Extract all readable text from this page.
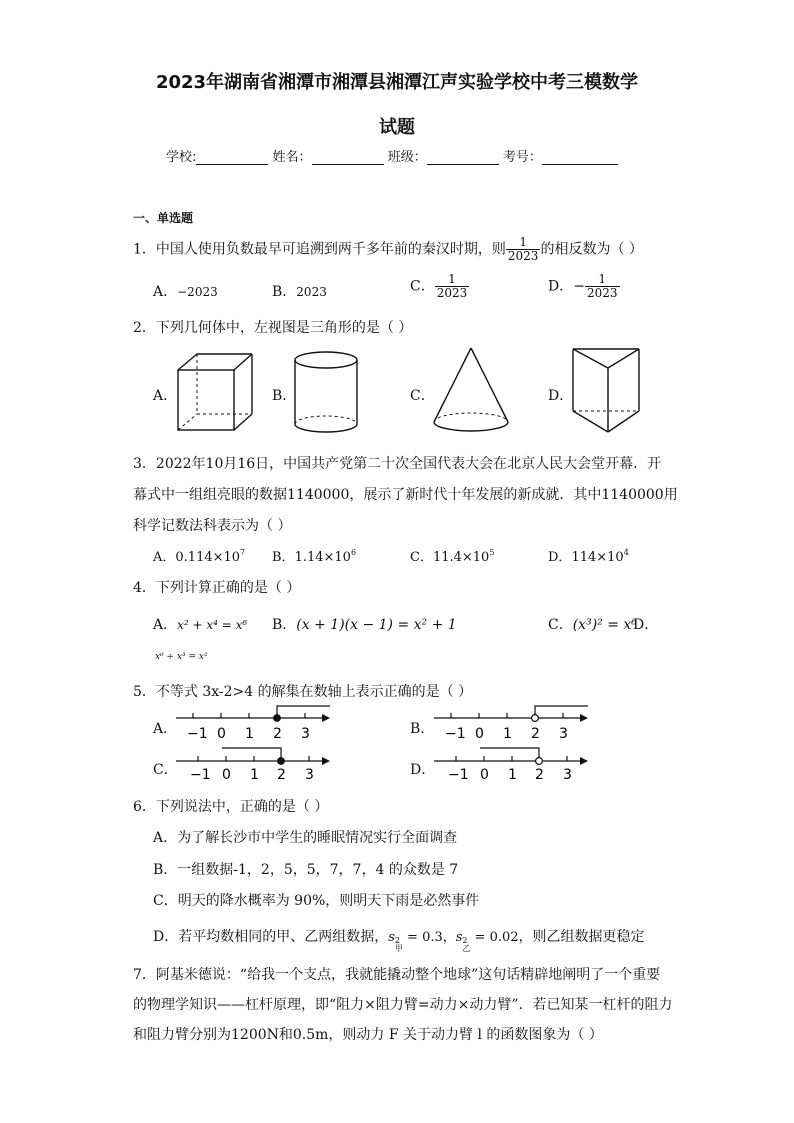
2023年湖南省湘潭市湘潭县湘潭江声实验学校中考三模数学
试题
学校:	姓名：	班级：	考号：
一、单选题
1．中国人使用负数最早可追溯到两千多年前的秦汉时期，则 $\frac{1}{2023}$ 的相反数为（ ）
A．−2023	B．2023	C． $\frac{1}{2023}$	D．− $\frac{1}{2023}$
2．下列几何体中，左视图是三角形的是（ ）
A．	B．	C．	D．
3．2022年10月16日，中国共产党第二十次全国代表大会在北京人民大会堂开幕．开
幕式中一组组亮眼的数据1140000，展示了新时代十年发展的新成就．其中1140000用
科学记数法科表示为（ ）
A．$0.114\times 10^7$ B．$1.14\times 10^6$	C．$11.4\times 10^5$	D．$114\times 10^4$
4．下列计算正确的是（ ）
A．x² + x⁴ = x⁶ B．(x + 1)(x − 1) = x² + 1	C．(x³)² = x⁶
D．
x⁶ ÷ x³ = x²
5．不等式 3x-2>4 的解集在数轴上表示正确的是（ ）
A． −1 0 1 2 3	B． −1 0 1 2 3
C． −1 0 1 2 3	D． −1 0 1 2 3
6．下列说法中，正确的是（ ）
A．为了解长沙市中学生的睡眠情况实行全面调查
B．一组数据-1，2，5，5，7，7，4 的众数是 7
C．明天的降水概率为 90%，则明天下雨是必然事件
D．若平均数相同的甲、乙两组数据，s 2
甲
= 0.3，s 2
乙
= 0.02，则乙组数据更稳定
7．阿基米德说：“给我一个支点，我就能撬动整个地球”这句话精辟地阐明了一个重要
的物理学知识——杠杆原理，即“阻力×阻力臂=动力×动力臂”．若已知某一杠杆的阻力
和阻力臂分别为1200N和0.5m，则动力 F 关于动力臂 l 的函数图象为（ ）
